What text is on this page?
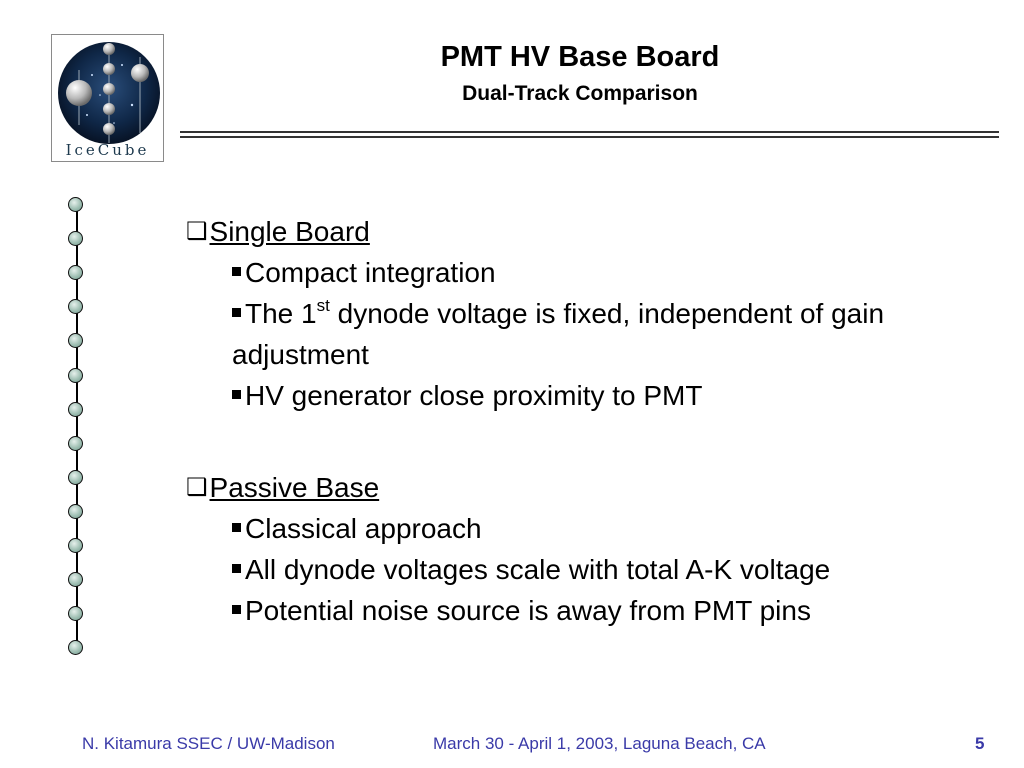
IceCube
PMT HV Base Board
Dual-Track Comparison
❑Single Board
Compact integration
The 1st dynode voltage is fixed, independent of gain adjustment
HV generator close proximity to PMT
❑Passive Base
Classical approach
All dynode voltages scale with total A-K voltage
Potential noise source is away from PMT pins
N. Kitamura SSEC / UW-Madison	March 30 - April 1, 2003, Laguna Beach, CA	5
